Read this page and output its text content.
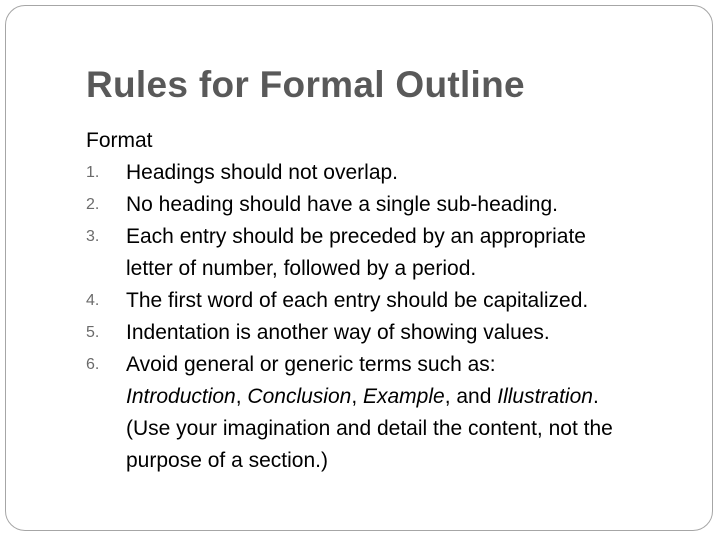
Rules for Formal Outline
Format
1. Headings should not overlap.
2. No heading should have a single sub-heading.
3. Each entry should be preceded by an appropriate
letter of number, followed by a period.
4. The first word of each entry should be capitalized.
5. Indentation is another way of showing values.
6. Avoid general or generic terms such as:
Introduction, Conclusion, Example, and Illustration.
(Use your imagination and detail the content, not the
purpose of a section.)
